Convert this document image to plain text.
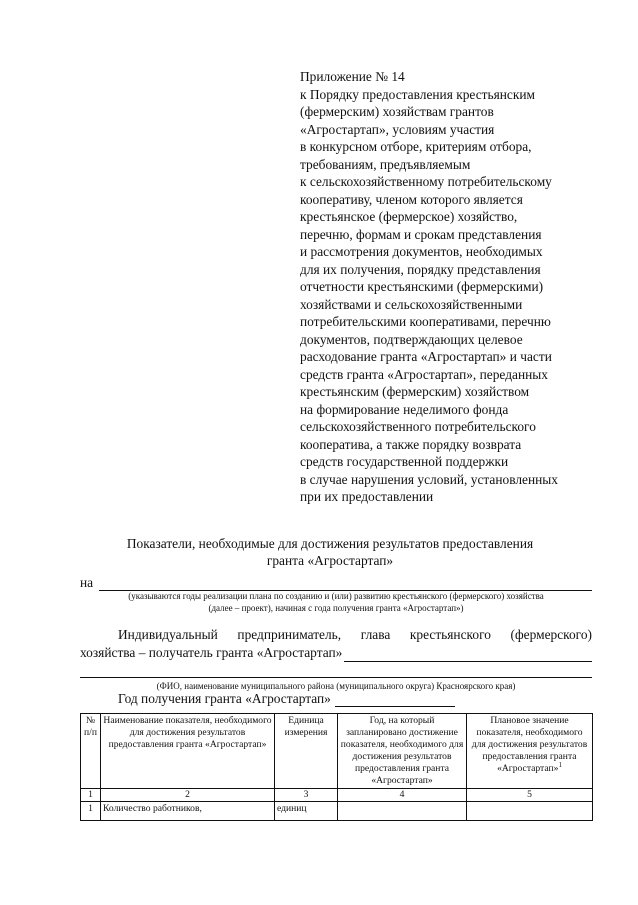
Приложение № 14
к Порядку предоставления крестьянским
(фермерским) хозяйствам грантов
«Агростартап», условиям участия
в конкурсном отборе, критериям отбора,
требованиям, предъявляемым
к сельскохозяйственному потребительскому
кооперативу, членом которого является
крестьянское (фермерское) хозяйство,
перечню, формам и срокам представления
и рассмотрения документов, необходимых
для их получения, порядку представления
отчетности крестьянскими (фермерскими)
хозяйствами и сельскохозяйственными
потребительскими кооперативами, перечню
документов, подтверждающих целевое
расходование гранта «Агростартап» и части
средств гранта «Агростартап», переданных
крестьянским (фермерским) хозяйством
на формирование неделимого фонда
сельскохозяйственного потребительского
кооператива, а также порядку возврата
средств государственной поддержки
в случае нарушения условий, установленных
при их предоставлении
Показатели, необходимые для достижения результатов предоставления
гранта «Агростартап»
на
(указываются годы реализации плана по созданию и (или) развитию крестьянского (фермерского) хозяйства
(далее – проект), начиная с года получения гранта «Агростартап»)
Индивидуальный предприниматель, глава крестьянского (фермерского)
хозяйства – получатель гранта «Агростартап»
(ФИО, наименование муниципального района (муниципального округа) Красноярского края)
Год получения гранта «Агростартап»
№ п/п	Наименование показателя, необходимого для достижения результатов предоставления гранта «Агростартап»	Единица измерения	Год, на который запланировано достижение показателя, необходимого для достижения результатов предоставления гранта «Агростартап»	Плановое значение показателя, необходимого для достижения результатов предоставления гранта «Агростартап»$^1$
1	2	3	4	5
1	Количество работников,	единиц		
